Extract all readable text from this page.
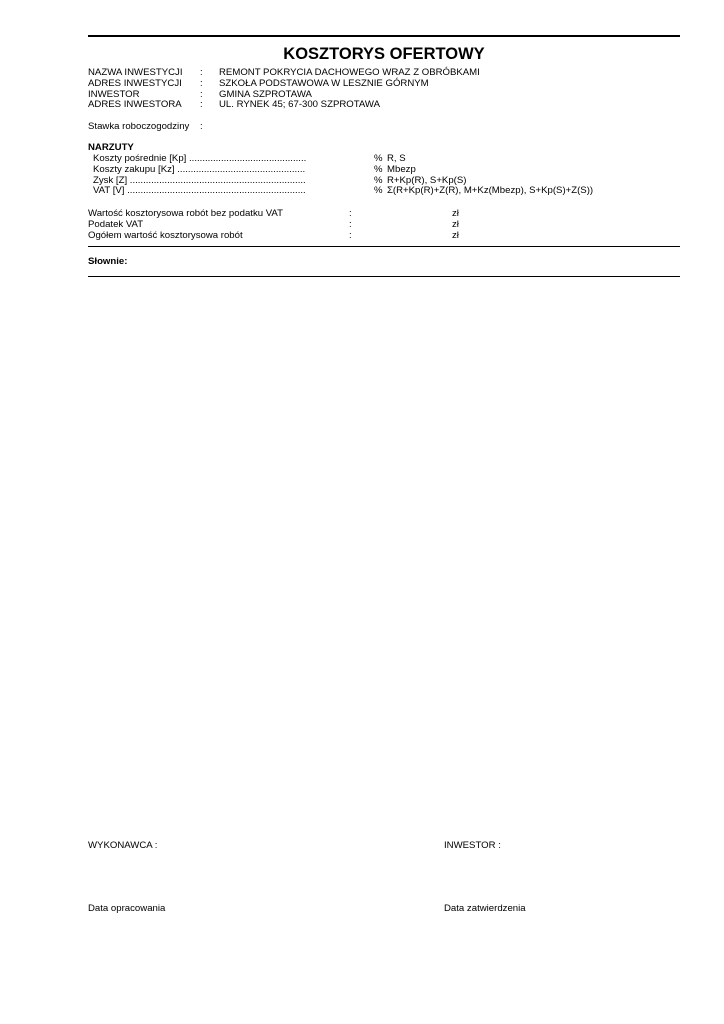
KOSZTORYS OFERTOWY
NAZWA INWESTYCJI : REMONT POKRYCIA DACHOWEGO WRAZ Z OBRÓBKAMI
ADRES INWESTYCJI : SZKOŁA PODSTAWOWA W LESZNIE GÓRNYM
INWESTOR	: GMINA SZPROTAWA
ADRES INWESTORA : UL. RYNEK 45; 67-300 SZPROTAWA
Stawka roboczogodziny :
NARZUTY
Koszty pośrednie [Kp] ............................................	% R, S
Koszty zakupu [Kz] ................................................	% Mbezp
Zysk [Z] ..................................................................	% R+Kp(R), S+Kp(S)
VAT [V] ...................................................................	% Σ(R+Kp(R)+Z(R), M+Kz(Mbezp), S+Kp(S)+Z(S))
Wartość kosztorysowa robót bez podatku VAT	:	zł
Podatek VAT	:	zł
Ogółem wartość kosztorysowa robót	:	zł
Słownie:
WYKONAWCA :	INWESTOR :
Data opracowania	Data zatwierdzenia
